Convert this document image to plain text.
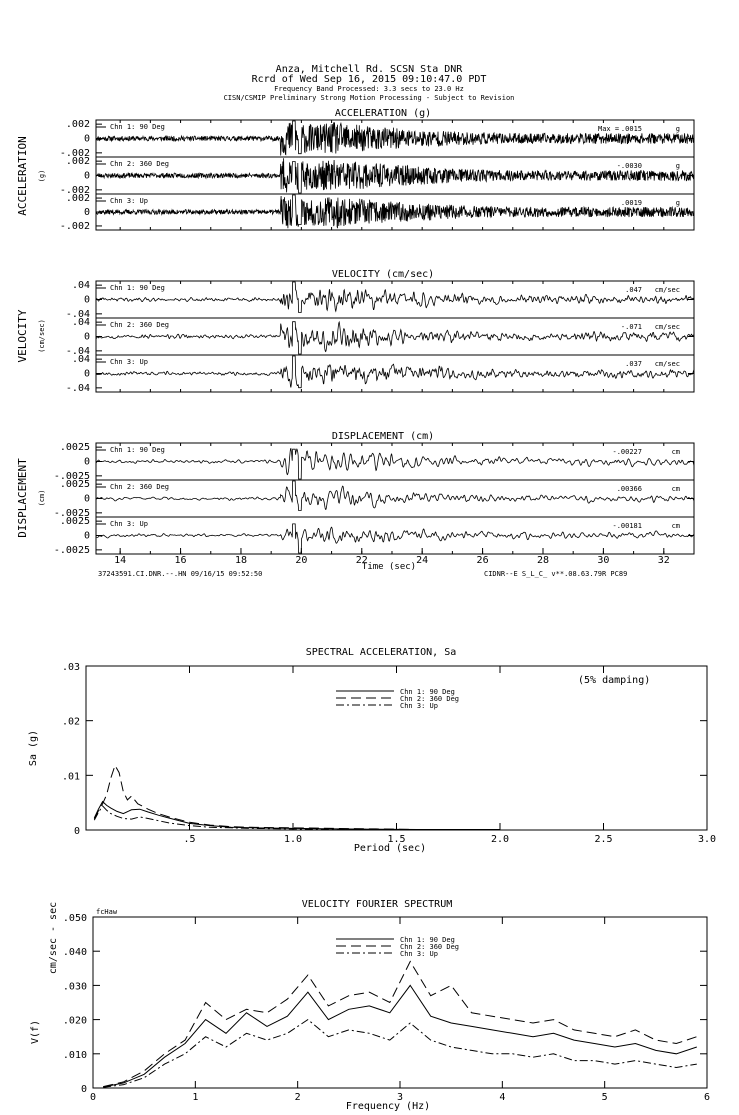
Anza, Mitchell Rd. SCSN Sta DNR
Rcrd of Wed Sep 16, 2015 09:10:47.0 PDT
Frequency Band Processed: 3.3 secs to 23.0 Hz
CISN/CSMIP Preliminary Strong Motion Processing - Subject to Revision
ACCELERATION (g)
.002
0
-.002
Chn 1: 90 Deg	Max = .0015	g
.002
0
-.002
Chn 2: 360 Deg	-.0030	g
.002
0
-.002
Chn 3: Up	.0019	g
ACCELERATION (g)
VELOCITY (cm/sec)
.04
0
-.04
Chn 1: 90 Deg	.047 cm/sec
.04
0
-.04
Chn 2: 360 Deg	-.071 cm/sec
.04
0
-.04
Chn 3: Up	.037 cm/sec
VELOCITY (cm/sec)
DISPLACEMENT (cm)
.0025
0
-.0025
Chn 1: 90 Deg	-.00227	cm
.0025
0
-.0025
Chn 2: 360 Deg	.00366	cm
.0025
0
-.0025
Chn 3: Up	-.00181	cm
14	16	18	20	22	24	26	28	30	32
DISPLACEMENT (cm)
Time (sec)
37243591.CI.DNR.--.HN 09/16/15 09:52:50	CIDNR--E S_L_C_ v**.08.63.79R PC89
SPECTRAL ACCELERATION, Sa
.5	1.0	1.5	2.0	2.5	3.0
0
.01
.02
.03
Chn 1: 90 Deg
Chn 2: 360 Deg
Chn 3: Up
(5% damping)
Sa (g)
Period (sec)
VELOCITY FOURIER SPECTRUM
0	1	2	3	4	5	6
0
.010
.020
.030
.040
.050
Chn 1: 90 Deg
Chn 2: 360 Deg
Chn 3: Up
fcHaw
V(f)
cm/sec - sec
Frequency (Hz)
